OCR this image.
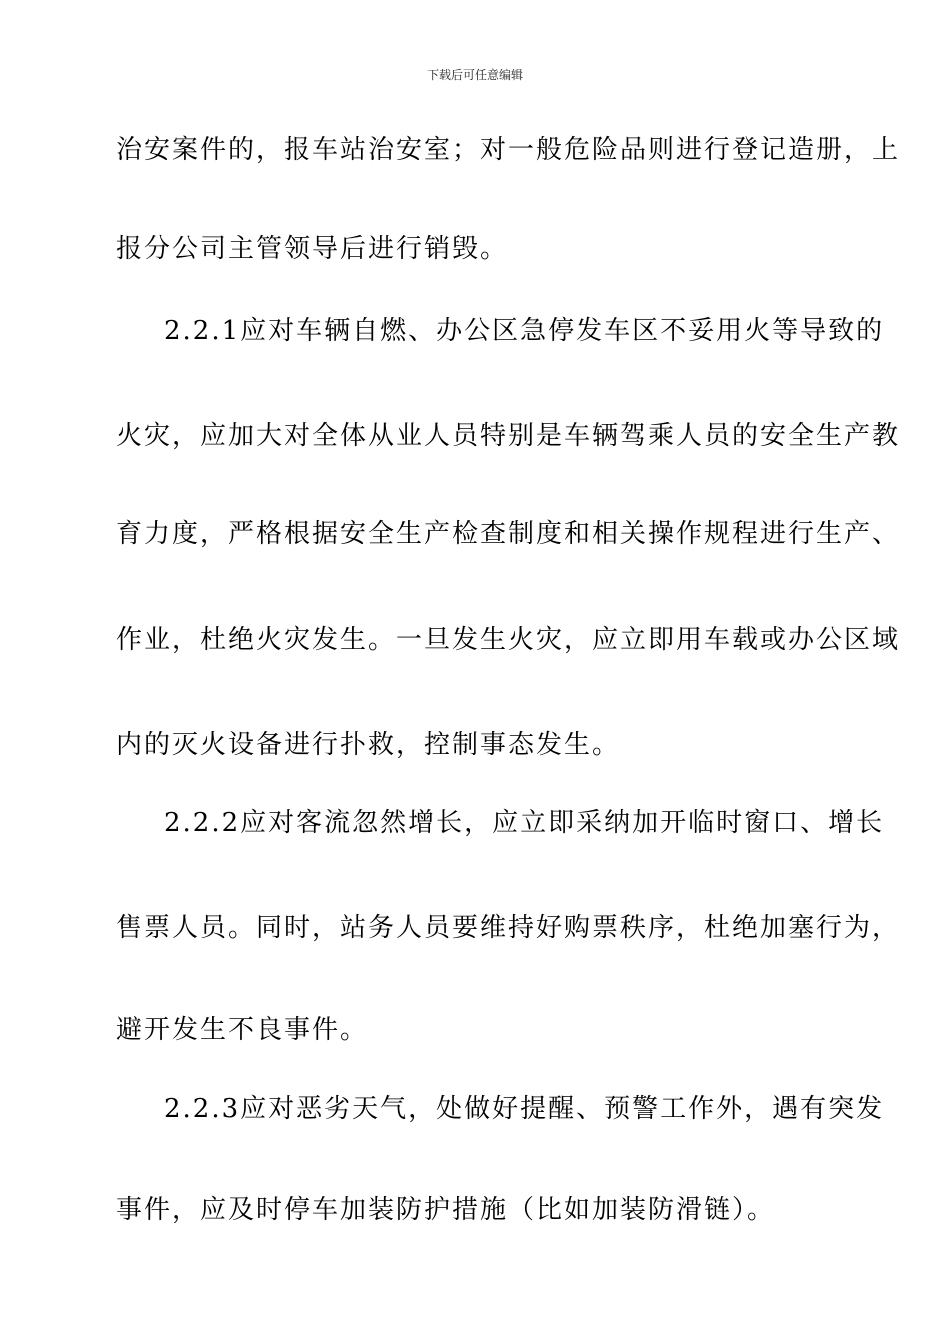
下载后可任意编辑
治安案件的，报车站治安室；对一般危险品则进行登记造册，上
报分公司主管领导后进行销毁。
2.2.1应对车辆自燃、办公区急停发车区不妥用火等导致的
火灾，应加大对全体从业人员特别是车辆驾乘人员的安全生产教
育力度，严格根据安全生产检查制度和相关操作规程进行生产、
作业，杜绝火灾发生。一旦发生火灾，应立即用车载或办公区域
内的灭火设备进行扑救，控制事态发生。
2.2.2应对客流忽然增长，应立即采纳加开临时窗口、增长
售票人员。同时，站务人员要维持好购票秩序，杜绝加塞行为，
避开发生不良事件。
2.2.3应对恶劣天气，处做好提醒、预警工作外，遇有突发
事件，应及时停车加装防护措施（比如加装防滑链）。
